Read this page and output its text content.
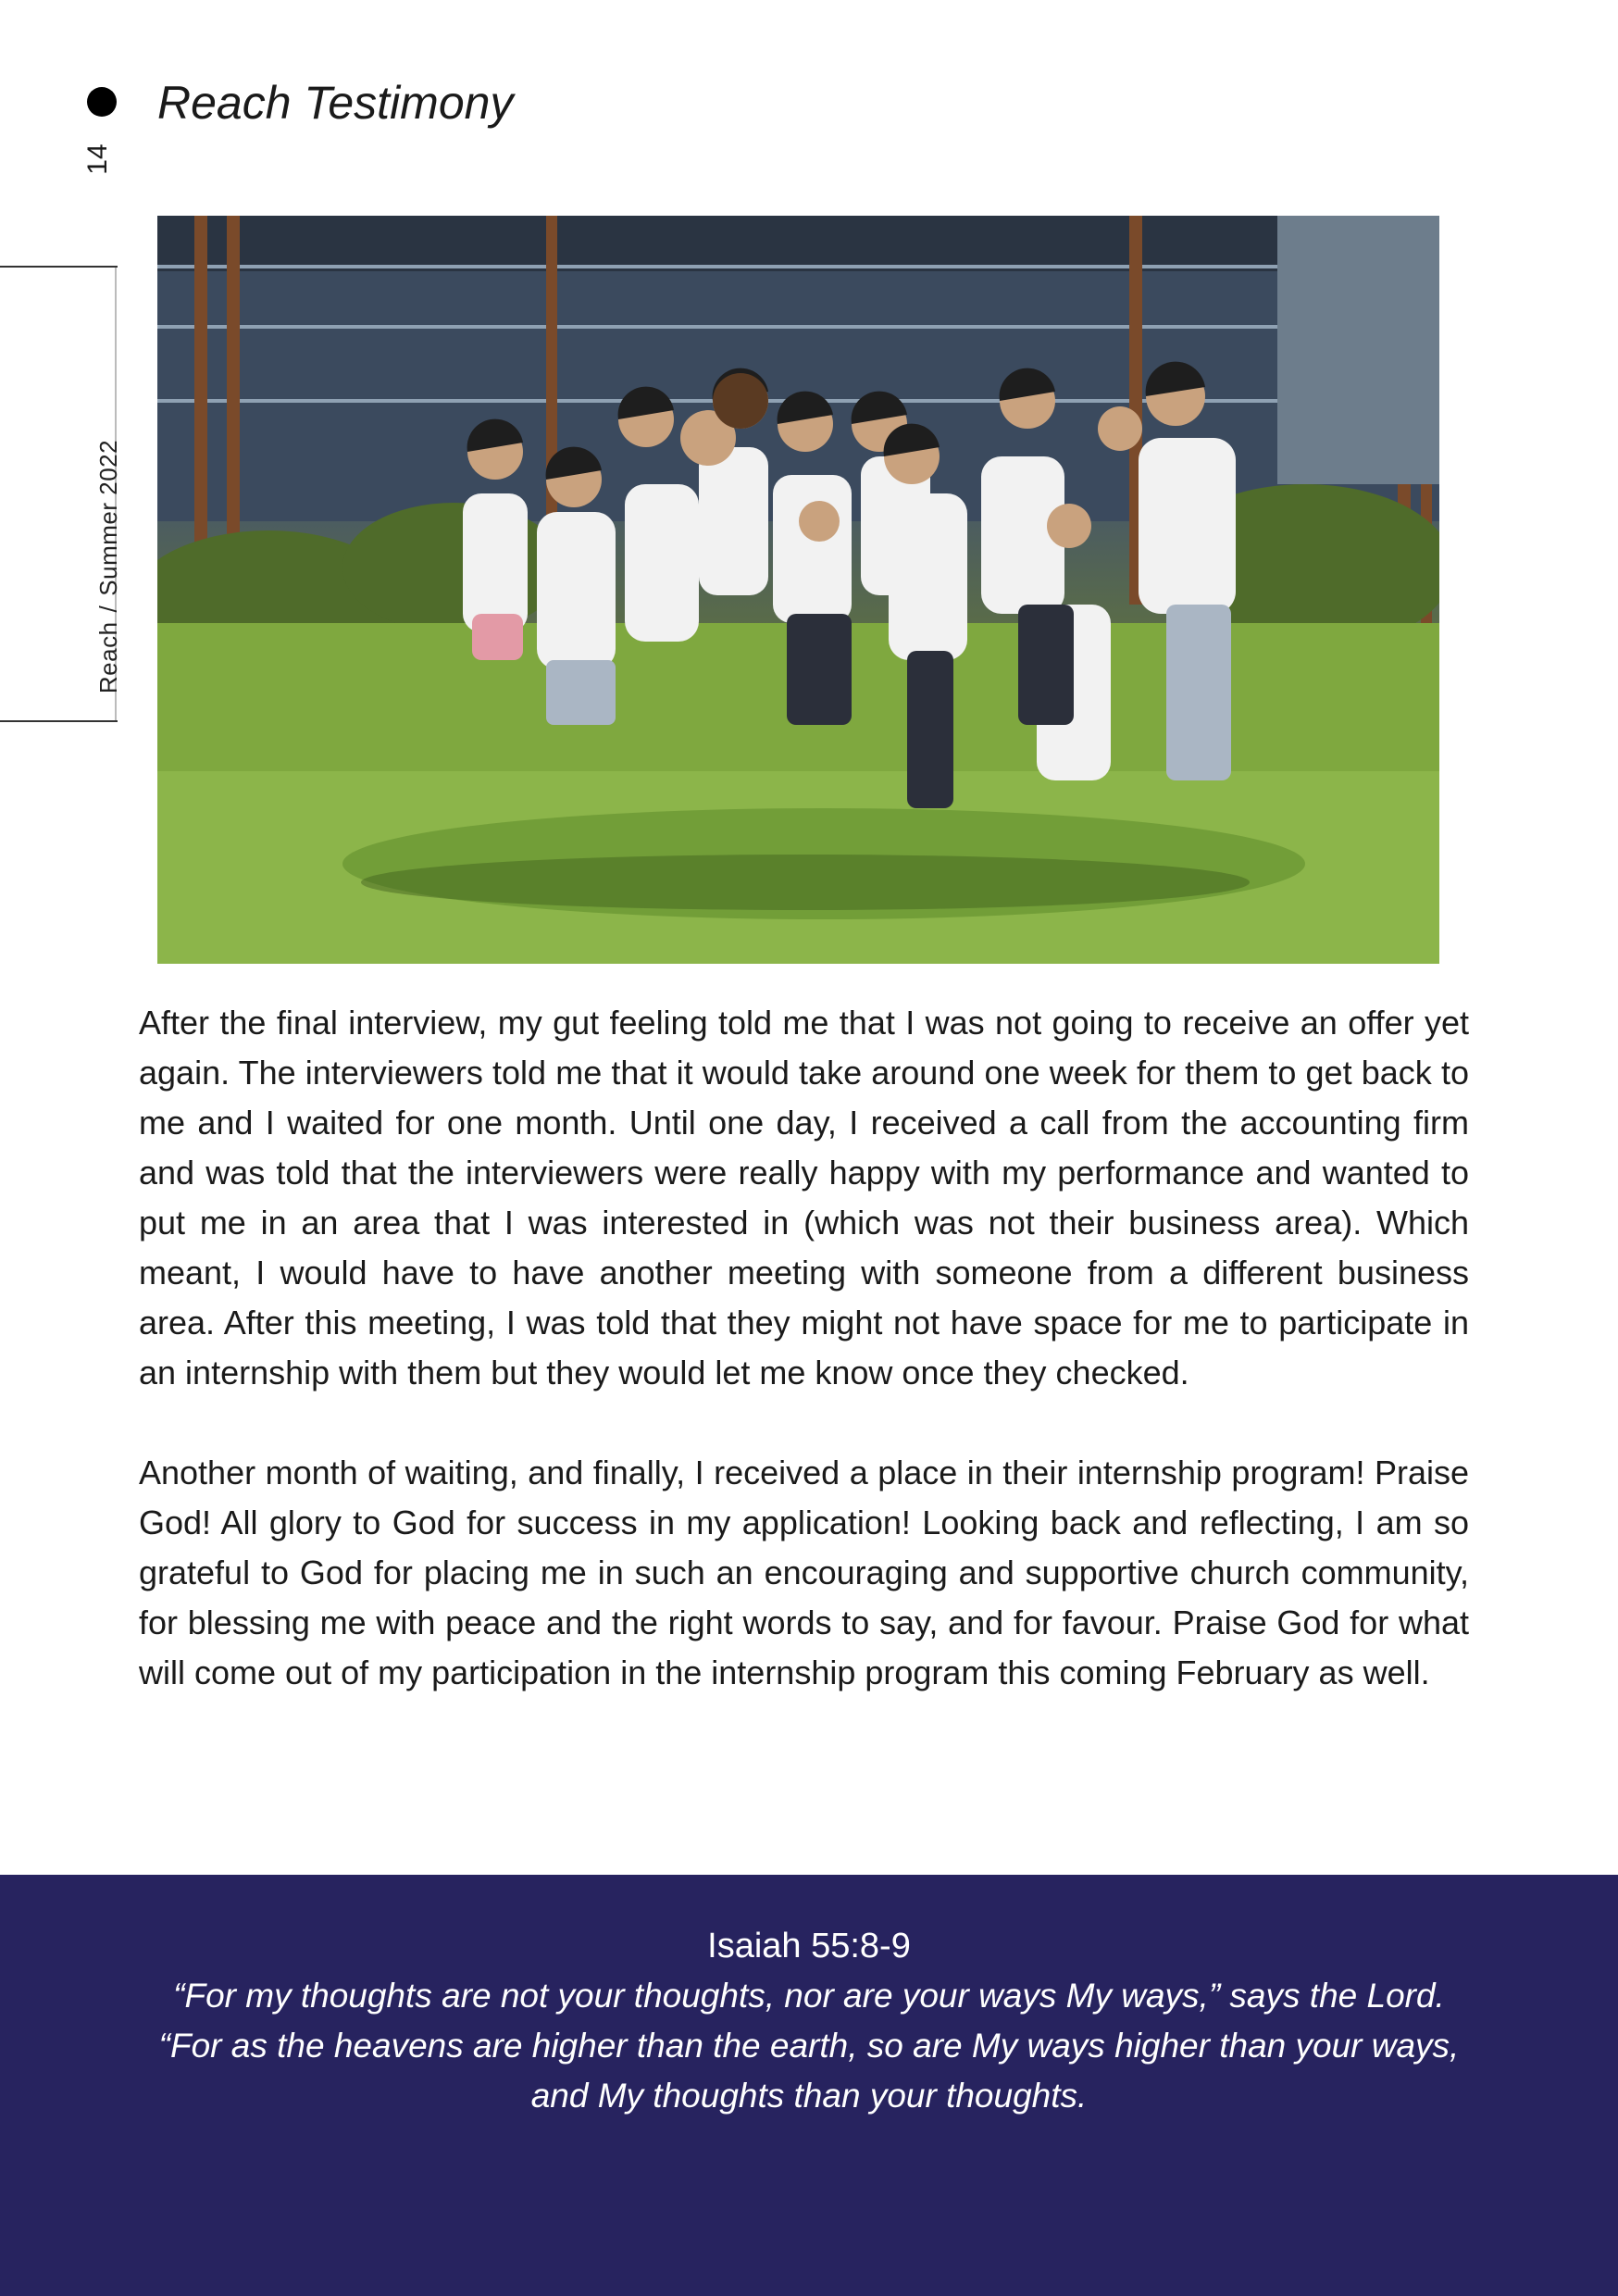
Reach Testimony
14
Reach
/
Summer 2022

After the final interview, my gut feeling told me that I was not going to receive an offer yet again. The interviewers told me that it would take around one week for them to get back to me and I waited for one month. Until one day, I received a call from the accounting firm and was told that the interviewers were really happy with my performance and wanted to put me in an area that I was interested in (which was not their business area). Which meant, I would have to have another meeting with someone from a different business area. After this meeting, I was told that they might not have space for me to participate in an internship with them but they would let me know once they checked.

Another month of waiting, and finally, I received a place in their internship program! Praise God! All glory to God for success in my application! Looking back and reflecting, I am so grateful to God for placing me in such an encouraging and supportive church community, for blessing me with peace and the right words to say, and for favour. Praise God for what will come out of my participation in the internship program this coming February as well.

Isaiah 55:8-9
“For my thoughts are not your thoughts, nor are your ways My ways,” says the Lord.
“For as the heavens are higher than the earth, so are My ways higher than your ways,
and My thoughts than your thoughts.
